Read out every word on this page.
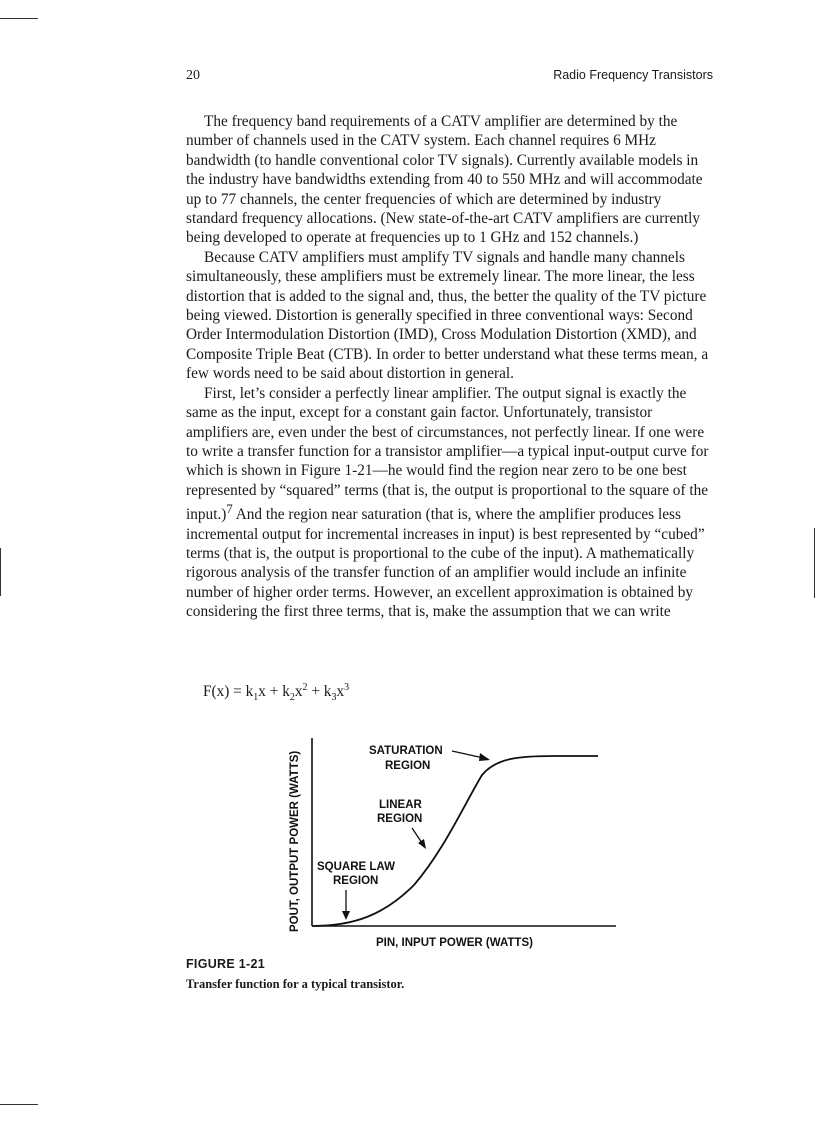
20	Radio Frequency Transistors

The frequency band requirements of a CATV amplifier are determined by the number of channels used in the CATV system. Each channel requires 6 MHz bandwidth (to handle conventional color TV signals). Currently available models in the industry have bandwidths extending from 40 to 550 MHz and will accommodate up to 77 channels, the center frequencies of which are determined by industry standard frequency allocations. (New state-of-the-art CATV amplifiers are currently being developed to operate at frequencies up to 1 GHz and 152 channels.)

Because CATV amplifiers must amplify TV signals and handle many channels simultaneously, these amplifiers must be extremely linear. The more linear, the less distortion that is added to the signal and, thus, the better the quality of the TV picture being viewed. Distortion is generally specified in three conventional ways: Second Order Intermodulation Distortion (IMD), Cross Modulation Distortion (XMD), and Composite Triple Beat (CTB). In order to better understand what these terms mean, a few words need to be said about distortion in general.

First, let’s consider a perfectly linear amplifier. The output signal is exactly the same as the input, except for a constant gain factor. Unfortunately, transistor amplifiers are, even under the best of circumstances, not perfectly linear. If one were to write a transfer function for a transistor amplifier—a typical input-output curve for which is shown in Figure 1-21—he would find the region near zero to be one best represented by “squared” terms (that is, the output is proportional to the square of the input.)$^7$ And the region near saturation (that is, where the amplifier produces less incremental output for incremental increases in input) is best represented by “cubed” terms (that is, the output is proportional to the cube of the input). A mathematically rigorous analysis of the transfer function of an amplifier would include an infinite number of higher order terms. However, an excellent approximation is obtained by considering the first three terms, that is, make the assumption that we can write

$F(x) = k_1x + k_2x^2 + k_3x^3$
POUT, OUTPUT POWER (WATTS)
PIN, INPUT POWER (WATTS)
SATURATION
REGION
LINEAR
REGION
SQUARE LAW
REGION
FIGURE 1-21
Transfer function for a typical transistor.
